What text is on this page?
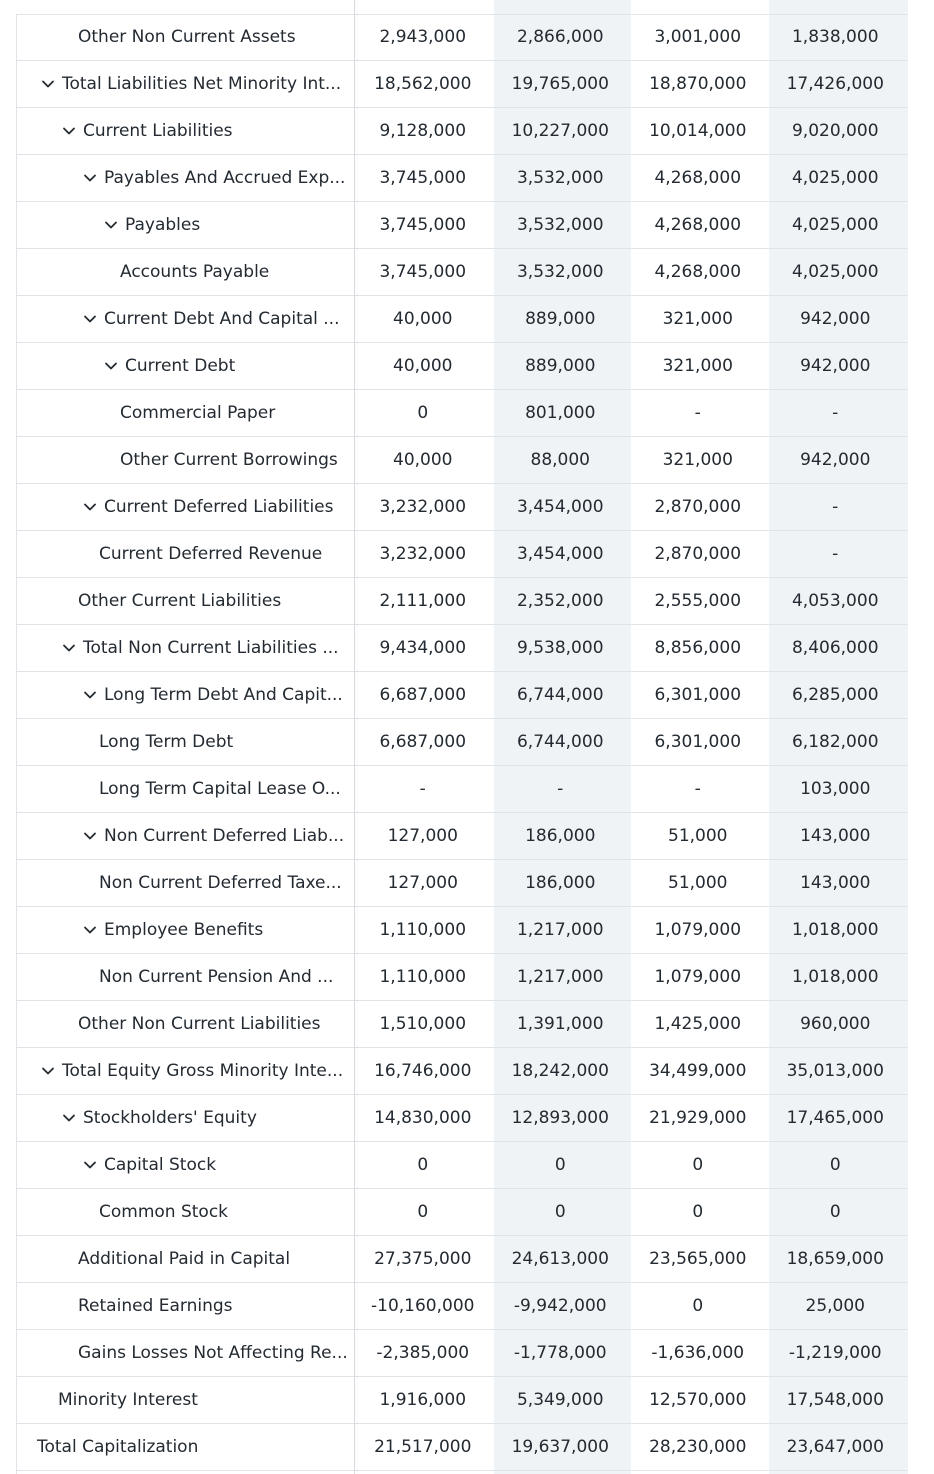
Other Non Current Assets	2,943,000	2,866,000	3,001,000	1,838,000
Total Liabilities Net Minority Int...	18,562,000	19,765,000	18,870,000	17,426,000
Current Liabilities	9,128,000	10,227,000	10,014,000	9,020,000
Payables And Accrued Exp...	3,745,000	3,532,000	4,268,000	4,025,000
Payables	3,745,000	3,532,000	4,268,000	4,025,000
Accounts Payable	3,745,000	3,532,000	4,268,000	4,025,000
Current Debt And Capital ...	40,000	889,000	321,000	942,000
Current Debt	40,000	889,000	321,000	942,000
Commercial Paper	0	801,000	-	-
Other Current Borrowings	40,000	88,000	321,000	942,000
Current Deferred Liabilities	3,232,000	3,454,000	2,870,000	-
Current Deferred Revenue	3,232,000	3,454,000	2,870,000	-
Other Current Liabilities	2,111,000	2,352,000	2,555,000	4,053,000
Total Non Current Liabilities ...	9,434,000	9,538,000	8,856,000	8,406,000
Long Term Debt And Capit...	6,687,000	6,744,000	6,301,000	6,285,000
Long Term Debt	6,687,000	6,744,000	6,301,000	6,182,000
Long Term Capital Lease O...	-	-	-	103,000
Non Current Deferred Liab...	127,000	186,000	51,000	143,000
Non Current Deferred Taxe...	127,000	186,000	51,000	143,000
Employee Benefits	1,110,000	1,217,000	1,079,000	1,018,000
Non Current Pension And ...	1,110,000	1,217,000	1,079,000	1,018,000
Other Non Current Liabilities	1,510,000	1,391,000	1,425,000	960,000
Total Equity Gross Minority Inte...	16,746,000	18,242,000	34,499,000	35,013,000
Stockholders' Equity	14,830,000	12,893,000	21,929,000	17,465,000
Capital Stock	0	0	0	0
Common Stock	0	0	0	0
Additional Paid in Capital	27,375,000	24,613,000	23,565,000	18,659,000
Retained Earnings	-10,160,000	-9,942,000	0	25,000
Gains Losses Not Affecting Re...	-2,385,000	-1,778,000	-1,636,000	-1,219,000
Minority Interest	1,916,000	5,349,000	12,570,000	17,548,000
Total Capitalization	21,517,000	19,637,000	28,230,000	23,647,000
